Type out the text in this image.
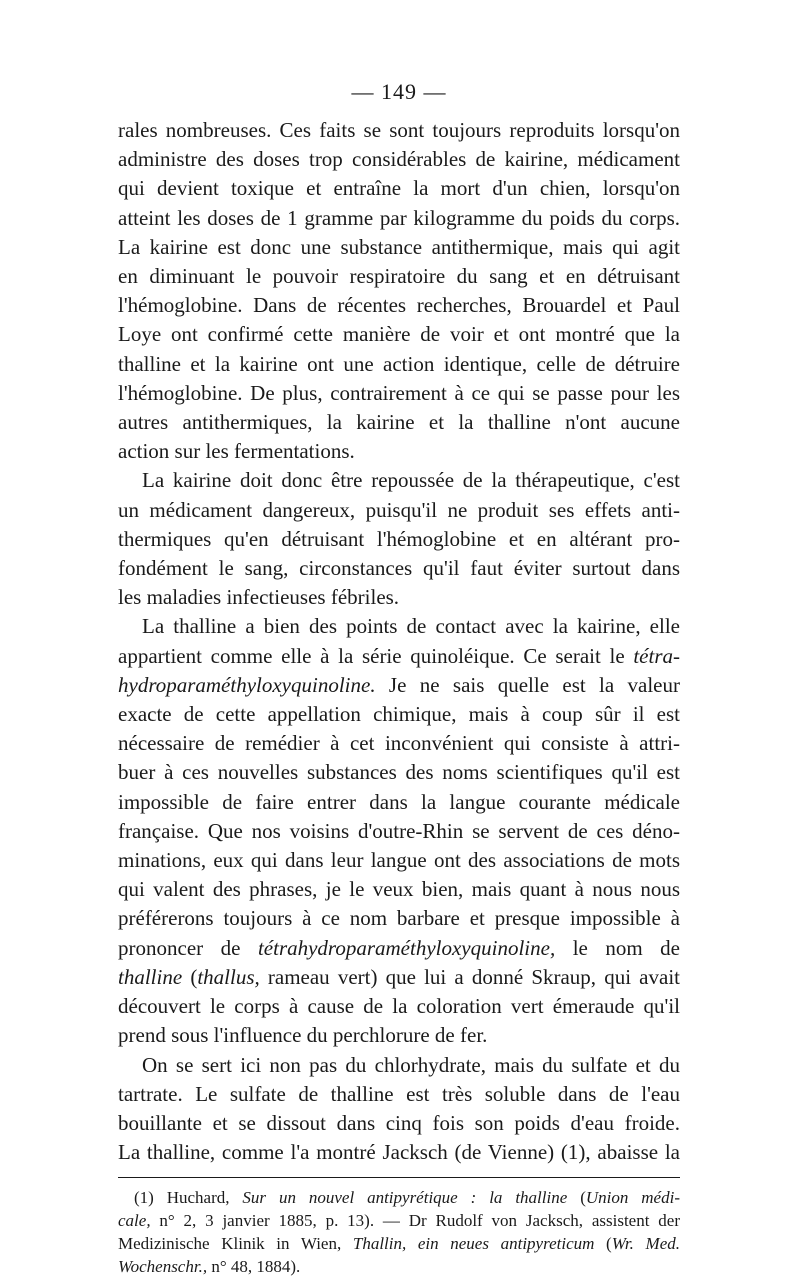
— 149 —
rales nombreuses. Ces faits se sont toujours reproduits lorsqu'on
administre des doses trop considérables de kairine, médicament
qui devient toxique et entraîne la mort d'un chien, lorsqu'on
atteint les doses de 1 gramme par kilogramme du poids du corps.
La kairine est donc une substance antithermique, mais qui agit
en diminuant le pouvoir respiratoire du sang et en détruisant
l'hémoglobine. Dans de récentes recherches, Brouardel et Paul
Loye ont confirmé cette manière de voir et ont montré que la
thalline et la kairine ont une action identique, celle de détruire
l'hémoglobine. De plus, contrairement à ce qui se passe pour les
autres antithermiques, la kairine et la thalline n'ont aucune
action sur les fermentations.
La kairine doit donc être repoussée de la thérapeutique, c'est
un médicament dangereux, puisqu'il ne produit ses effets anti-
thermiques qu'en détruisant l'hémoglobine et en altérant pro-
fondément le sang, circonstances qu'il faut éviter surtout dans
les maladies infectieuses fébriles.
La thalline a bien des points de contact avec la kairine, elle
appartient comme elle à la série quinoléique. Ce serait le tétra-
hydroparaméthyloxyquinoline. Je ne sais quelle est la valeur
exacte de cette appellation chimique, mais à coup sûr il est
nécessaire de remédier à cet inconvénient qui consiste à attri-
buer à ces nouvelles substances des noms scientifiques qu'il est
impossible de faire entrer dans la langue courante médicale
française. Que nos voisins d'outre-Rhin se servent de ces déno-
minations, eux qui dans leur langue ont des associations de mots
qui valent des phrases, je le veux bien, mais quant à nous nous
préférerons toujours à ce nom barbare et presque impossible à
prononcer de tétrahydroparaméthyloxyquinoline, le nom de
thalline (thallus, rameau vert) que lui a donné Skraup, qui avait
découvert le corps à cause de la coloration vert émeraude qu'il
prend sous l'influence du perchlorure de fer.
On se sert ici non pas du chlorhydrate, mais du sulfate et du
tartrate. Le sulfate de thalline est très soluble dans de l'eau
bouillante et se dissout dans cinq fois son poids d'eau froide.
La thalline, comme l'a montré Jacksch (de Vienne) (1), abaisse la
(1) Huchard, Sur un nouvel antipyrétique : la thalline (Union médi-
cale, n° 2, 3 janvier 1885, p. 13). — Dr Rudolf von Jacksch, assistent der
Medizinische Klinik in Wien, Thallin, ein neues antipyreticum (Wr. Med.
Wochenschr., n° 48, 1884).
